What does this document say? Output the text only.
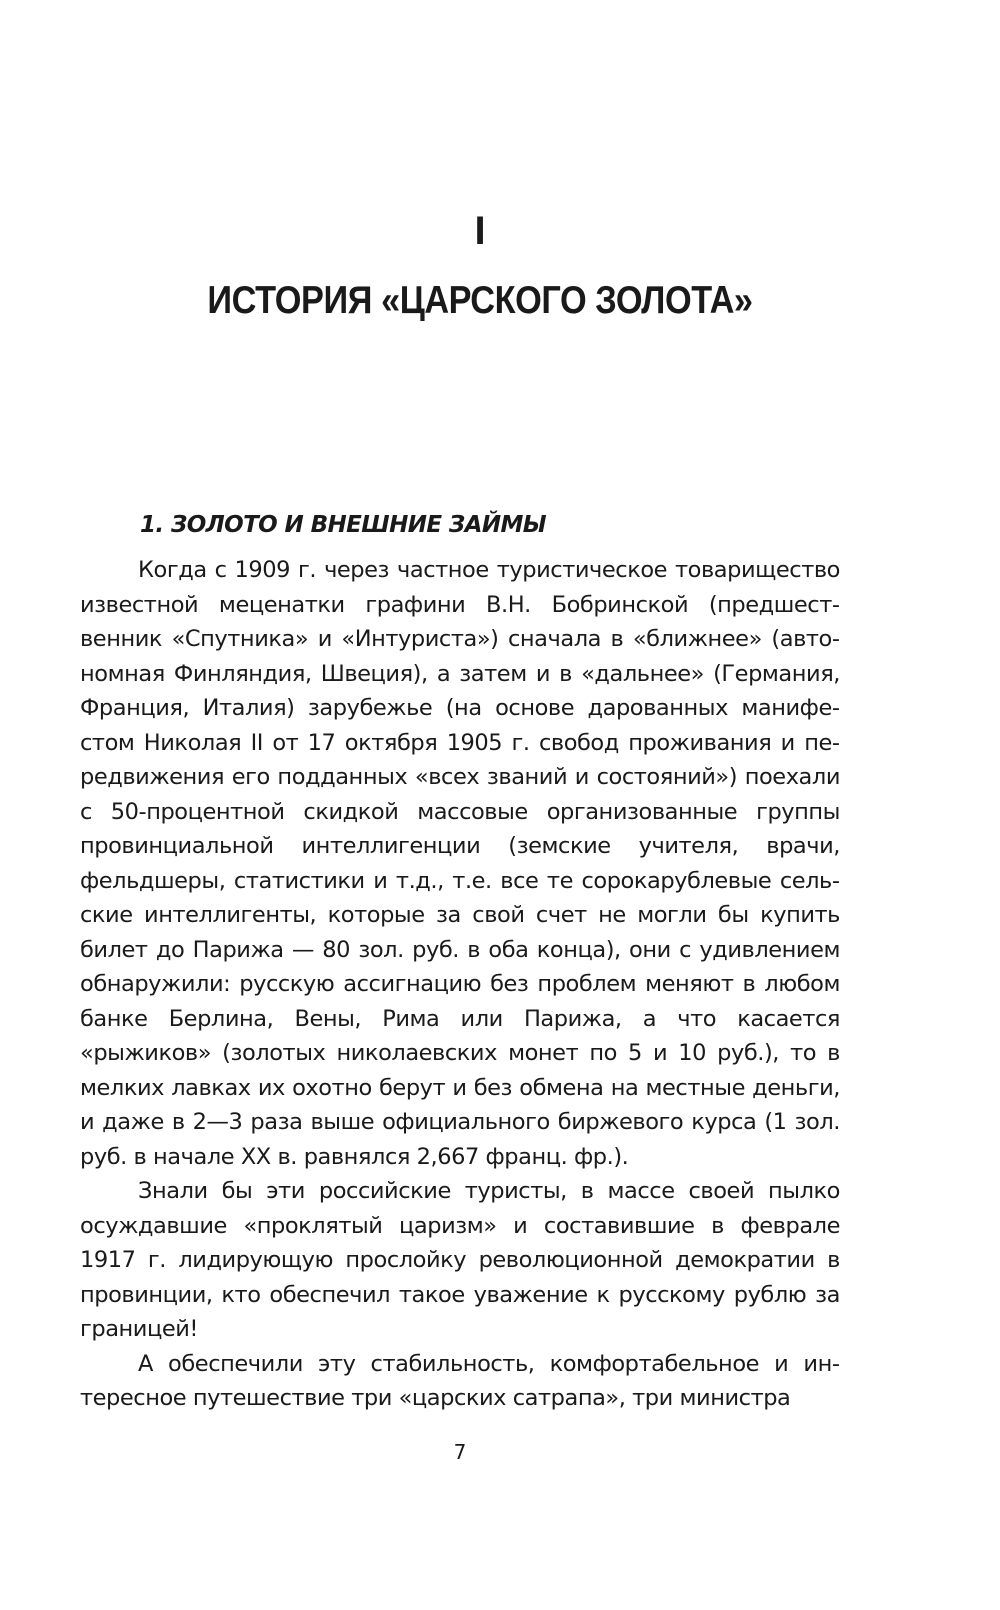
I
ИСТОРИЯ «ЦАРСКОГО ЗОЛОТА»
1. ЗОЛОТО И ВНЕШНИЕ ЗАЙМЫ

Когда с 1909 г. через частное туристическое товарищество известной меценатки графини В.Н. Бобринской (предшественник «Спутника» и «Интуриста») сначала в «ближнее» (автономная Финляндия, Швеция), а затем и в «дальнее» (Германия, Франция, Италия) зарубежье (на основе дарованных манифестом Николая II от 17 октября 1905 г. свобод проживания и передвижения его подданных «всех званий и состояний») поехали с 50-процентной скидкой массовые организованные группы провинциальной интеллигенции (земские учителя, врачи, фельдшеры, статистики и т.д., т.е. все те сорокарублевые сельские интеллигенты, которые за свой счет не могли бы купить билет до Парижа — 80 зол. руб. в оба конца), они с удивлением обнаружили: русскую ассигнацию без проблем меняют в любом банке Берлина, Вены, Рима или Парижа, а что касается «рыжиков» (золотых николаевских монет по 5 и 10 руб.), то в мелких лавках их охотно берут и без обмена на местные деньги, и даже в 2—3 раза выше официального биржевого курса (1 зол. руб. в начале XX в. равнялся 2,667 франц. фр.).

Знали бы эти российские туристы, в массе своей пылко осуждавшие «проклятый царизм» и составившие в феврале 1917 г. лидирующую прослойку революционной демократии в провинции, кто обеспечил такое уважение к русскому рублю за границей!

А обеспечили эту стабильность, комфортабельное и интересное путешествие три «царских сатрапа», три министра

7
